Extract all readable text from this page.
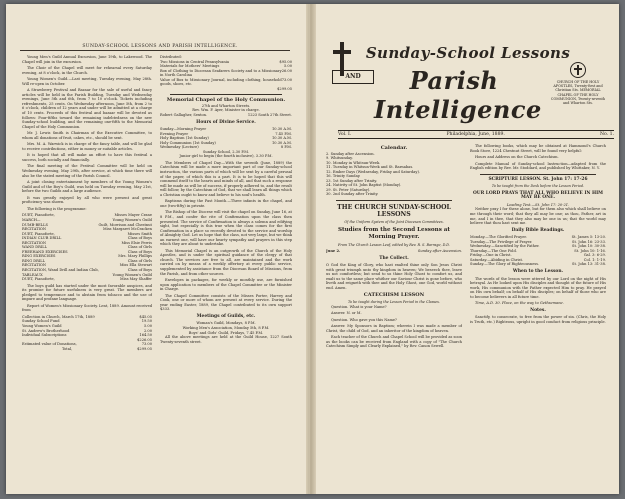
SUNDAY-SCHOOL LESSONS AND PARISH INTELLIGENCE.

Young Men's Guild Annual Excursion, June 19th, to Lakewood. The Chapel will join in the excursion.

The Choir of the Chapel will meet for rehearsal every Saturday evening, at 8 o'clock, in the Church.

Young Women's Guild.—Last meeting, Tuesday evening, May 28th. Will re-open in October.

A Strawberry Festival and Bazaar for the sale of useful and fancy articles will be held in the Parish Building, Tuesday and Wednesday evenings, June 5th and 6th, from 7 to 10 o'clock. Tickets including refreshments, 25 cents. On Wednesday afternoon, June 5th, from 2 to 6 o'clock, children of 12 years and under will be admitted at a charge of 10 cents. Proceeds of this festival and bazaar will be devoted as follows: Four-fifths toward the remaining indebtedness on the new Sunday-school building, and the remaining one-fifth to the Memorial Chapel of the Holy Communion.

Mr. J. Lewis Smith is Chairman of the Executive Committee, to whom all donations of fruit, cakes, etc., should be sent.

Mrs. M. A. Warwick is in charge of the fancy table, and will be glad to receive contributions, either in money or suitable articles.

It is hoped that all will make an effort to have this festival a success, both socially and financially.

The final meeting of the Festival Committee will be held on Wednesday evening, May 29th, after service, at which time there will also be the stated meeting of the Parish Council.

A joint closing entertainment by members of the Young Women's Guild and of the Boy's Guild, was held on Tuesday evening, May 21st, before the two Guilds and a large audience.

It was greatly enjoyed by all who were present and great proficiency was shown.

The following is the programme:

DUET, Pianoforte,	Misses Mayer Crane
MARCH—	Young Women's Guild
DUMB-BELLS	Guilt, Morrison and Chestnut
RECITATION	Miss Margaret McCracken
DUET, Pianoforte,	Misses Smith
INDIAN CLUB DRILL	Class of Boys
RECITATION	Miss Elsie Ferris
WAND DRILL	Class of Girls
FREEHAND EXERCISES	Class of Boys
RING EXERCISES	Mrs. Mary Phillips
RING DRILL	Class of Girls
RECITATION	Miss Ella Stewart
RECITATION, Wand Drill and Indian Club,	Class of Boys
TABLEAUX	Young Women's Guild
DUET, Pianoforte,	Miss May Shaffer

The boys guild has started under the most favorable auspices, and its promise for future usefulness is very great. The members are pledged to temperance and to abstain from tobacco and the use of impure and profane language.

Report of Women's Missionary Society. Lent, 1889. Amount received from

Collection in Church, March 17th, 1889	$45.05
Sunday School Fund	19.50
Young Women's Guild	5.00
St. Andrew's Brotherhood	2.00
Individual Subscriptions	164.50
$226.05
Estimated value of Donations,	73.00
Total,	$299.05
Distributed:
Two Missions in Central Pennsylvania	$95.00
Materials for Mothers' Meetings	5.00
Box of Clothing to Diocesan Seafarers Society and to a Missionary in North Carolina
26.00
Value of Box to Missionary Journal, including clothing, household goods, shoes, etc.
73.00
$299.05
Memorial Chapel of the Holy Communion.
27th and Wharton Streets.
Rev. Wm. F. Ayer, Minister in charge.
Robert Gallagher, Sexton.	1223 South 27th Street.
Hours of Divine Service.
Sunday—Morning Prayer	10.30 A.M.
Evening Prayer	7.45 P.M.
Holy Baptism (1st Sunday)	10.30 A.M.
Holy Communion (1st Sunday)	10.30 A.M.
Wednesday (Lecture)	8 P.M.
Sunday School, 2.30 P.M.
Junior girl to begin (the fourth inclusive), 3.30 P.M.

The Members of Chapel Day.—With the seventh (June, 1889) the Catechism will be made a more important part of our Sunday-school instruction, the various parts of which will be sent by a careful perusal of the paper, of which this is a part. It is to be hoped that this will commend itself to the hearts and minds of all, and that such a response will be made as will be of success, if properly adhered to, and the result will follow, by the Catechism of God, that we shall learn all things which a Christian ought to know and believe to his soul's health.

Baptisms during the Past Month.—Three infants in the chapel, and one (two-fifty) in private.

The Bishop of the Diocese will visit the chapel on Sunday, June 16, at 8 P.M., and confer the rite of Confirmation upon the class then presented. The service of Confirmation is always a solemn and edifying sight, but especially is this true when the class comes for the first Confirmation in a place so recently devoted to the service and worship of Almighty God. Let us hope that the class, not very large, but we think an earnest one, will have our hearty sympathy and prayers in this step which they are about to undertake.

This Memorial Chapel is an outgrowth of the Church of the Holy Apostles, and is under the spiritual guidance of the clergy of that church. The services are free to all, are maintained and the work carried on by means of a weekly offertory at every public service, supplemented by assistance from the Diocesan Board of Missions, from the Parish, and from other sources.

Envelopes in packages, for weekly or monthly use, are furnished upon application to members of the Chapel Committee or the Minister in Charge.

The Chapel Committee consists of the Misses Porter, Harvey and Cook, one or more of whom are present at every service. During the year ending Easter, 1889, the Chapel contributed to its own support $333.

Meetings of Guilds, etc.
Woman's Guild, Mondays, 8 P.M.
Working Men's Association, Monday 5th, 8 P.M.
Boys' and Girls' Guild, Fridays, 7.45 P.M.

All the above meetings are held at the Guild House, 1227 South Twenty-seventh street.

Sunday-School Lessons
AND	Parish Intelligence
CHURCH OF THE HOLY APOSTLES, Twenty-first and Christian Sts. MEMORIAL CHAPEL OF THE HOLY COMMUNION, Twenty-seventh and Wharton Sts.
Vol. I.	Philadelphia, June, 1889.	No. 1.
Calendar.
2. Sunday after Ascension.
9. Whitsunday.
10. Monday in Whitsun-Week.
11. Tuesday in Whitsun-Week and St. Barnabas.
12. Ember Days (Wednesday, Friday and Saturday).
16. Trinity Sunday.
23. 1st Sunday after Trinity.
24. Nativity of St. John Baptist (Monday).
29. St. Peter (Saturday).
30. 2nd Sunday after Trinity.
THE CHURCH SUNDAY-SCHOOL LESSONS
Of the Uniform System of the Joint Diocesan Committees.
Studies from the Second Lessons at Morning Prayer.
From The Church Lesson Leaf, edited by Rev. R. S. Barrage, D.D.
June 2.	Sunday after Ascension.
The Collect.

O God the King of Glory, who hast exalted thine only Son Jesus Christ with great triumph unto thy kingdom in heaven; We beseech thee, leave us not comfortless; but send to us thine Holy Ghost to comfort us, and exalt us to the same place whither our Saviour Christ is gone before, who liveth and reigneth with thee and the Holy Ghost, one God, world without end. Amen.

CATECHISM LESSON
To be taught during the Lesson Period in the Classes.

Question. What is your Name?

Answer. N. or M.

Question. Who gave you this Name?

Answer. My Sponsors in Baptism; wherein I was made a member of Christ, the child of God, and an inheritor of the kingdom of heaven.

Each teacher of the Church and Chapel School will be provided as soon as the books can be received from England with a copy of "The Church Catechism Simply and Clearly Explained," by Rev. Canon Sewell.

The following books, which may be obtained at Hammond's Church Book Store, 1224 Chestnut Street, will be found very helpful:

Hours and Address on the Church Catechism.

Complete Manual of Sunday-school Instruction—adapted from the English edition by Rev. Mr. Stoddard, and published by Whittaker, N. Y.

SCRIPTURE LESSON. St. John 17: 17-26
To be taught from the Desk before the Lesson Period.
OUR LORD PRAYS THAT ALL WHO BELIEVE IN HIM MAY BE ONE.
Leading Text.—St. John 17: 20-21.

Neither pray I for these alone, but for them also which shall believe on me through their word; that they all may be one; as thou, Father, art in me, and I in thee, that they also may be one in us; that the world may believe that thou hast sent me.

Daily Bible Readings.
Monday.—The Glorified Prayer.	St. James 5: 13-20.
Tuesday.—The Privilege of Prayer.	St. John 16: 23-33.
Wednesday.—Sanctified by the Father.	St. John 10: 30-38.
Thursday.—The One Fold.	St. John 10: 1-16.
Friday.—One in Christ.	Gal. 3: 6-29.
Saturday.—Abiding in Christ.	Col. 1: 1-19.
Sunday.—The Glory of Righteousness.	St. John 13: 31-38.
When to the Lesson.

The words of the lesson were uttered by our Lord on the night of His betrayal. As He looked upon His disciples and thought of the future of His work, His communion with the Father expected Him to pray. He prayed on His own behalf; on behalf of His disciples; on behalf of those who are to become believers in all future time.

Time, A.D. 30. Place, on the way to Gethsemane.

Notes.

Sanctify, to consecrate, to free from the power of sin. (Chris, the Holy is Truth, etc.) Righteous, upright in good conduct from religious principle.
